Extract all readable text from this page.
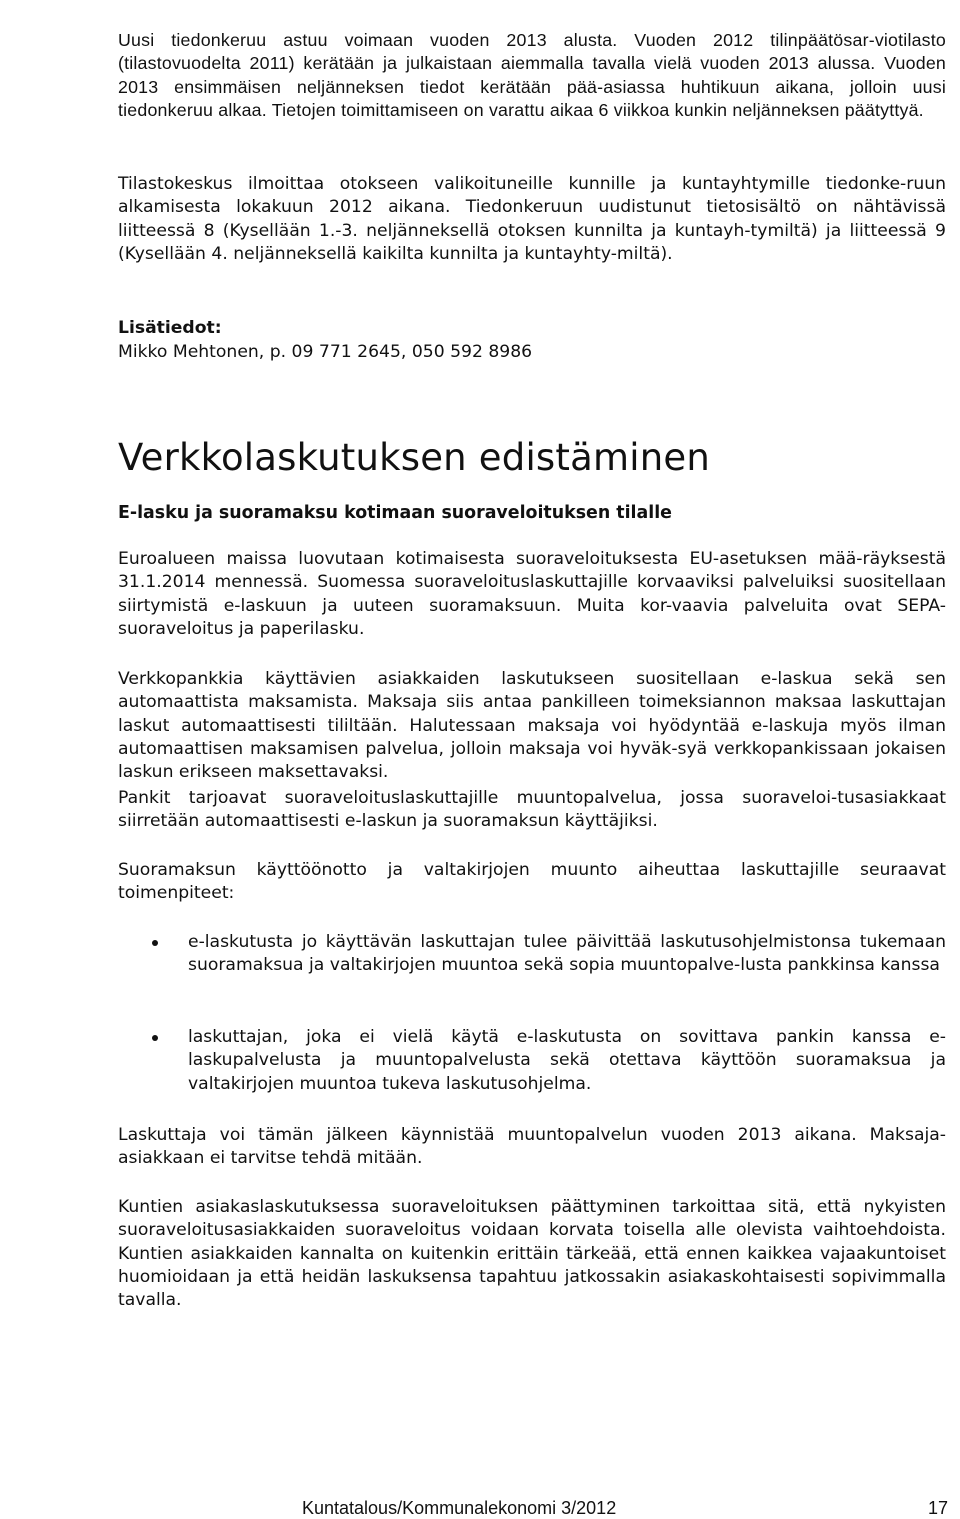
Uusi tiedonkeruu astuu voimaan vuoden 2013 alusta. Vuoden 2012 tilinpäätösar-viotilasto (tilastovuodelta 2011) kerätään ja julkaistaan aiemmalla tavalla vielä vuoden 2013 alussa. Vuoden 2013 ensimmäisen neljänneksen tiedot kerätään pää-asiassa huhtikuun aikana, jolloin uusi tiedonkeruu alkaa. Tietojen toimittamiseen on varattu aikaa 6 viikkoa kunkin neljänneksen päätyttyä.

Tilastokeskus ilmoittaa otokseen valikoituneille kunnille ja kuntayhtymille tiedonke-ruun alkamisesta lokakuun 2012 aikana. Tiedonkeruun uudistunut tietosisältö on nähtävissä liitteessä 8 (Kysellään 1.-3. neljänneksellä otoksen kunnilta ja kuntayh-tymiltä) ja liitteessä 9 (Kysellään 4. neljänneksellä kaikilta kunnilta ja kuntayhty-miltä).

Lisätiedot:

Mikko Mehtonen, p. 09 771 2645, 050 592 8986

Verkkolaskutuksen edistäminen
E-lasku ja suoramaksu kotimaan suoraveloituksen tilalle

Euroalueen maissa luovutaan kotimaisesta suoraveloituksesta EU-asetuksen mää-räyksestä 31.1.2014 mennessä. Suomessa suoraveloituslaskuttajille korvaaviksi palveluiksi suositellaan siirtymistä e-laskuun ja uuteen suoramaksuun. Muita kor-vaavia palveluita ovat SEPA-suoraveloitus ja paperilasku.

Verkkopankkia käyttävien asiakkaiden laskutukseen suositellaan e-laskua sekä sen automaattista maksamista. Maksaja siis antaa pankilleen toimeksiannon maksaa laskuttajan laskut automaattisesti tililtään. Halutessaan maksaja voi hyödyntää e-laskuja myös ilman automaattisen maksamisen palvelua, jolloin maksaja voi hyväk-syä verkkopankissaan jokaisen laskun erikseen maksettavaksi.

Pankit tarjoavat suoraveloituslaskuttajille muuntopalvelua, jossa suoraveloi-tusasiakkaat siirretään automaattisesti e-laskun ja suoramaksun käyttäjiksi.

Suoramaksun käyttöönotto ja valtakirjojen muunto aiheuttaa laskuttajille seuraavat toimenpiteet:

e-laskutusta jo käyttävän laskuttajan tulee päivittää laskutusohjelmistonsa tukemaan suoramaksua ja valtakirjojen muuntoa sekä sopia muuntopalve-lusta pankkinsa kanssa
laskuttajan, joka ei vielä käytä e-laskutusta on sovittava pankin kanssa e-laskupalvelusta ja muuntopalvelusta sekä otettava käyttöön suoramaksua ja valtakirjojen muuntoa tukeva laskutusohjelma.

Laskuttaja voi tämän jälkeen käynnistää muuntopalvelun vuoden 2013 aikana. Maksaja-asiakkaan ei tarvitse tehdä mitään.

Kuntien asiakaslaskutuksessa suoraveloituksen päättyminen tarkoittaa sitä, että nykyisten suoraveloitusasiakkaiden suoraveloitus voidaan korvata toisella alle olevista vaihtoehdoista. Kuntien asiakkaiden kannalta on kuitenkin erittäin tärkeää, että ennen kaikkea vajaakuntoiset huomioidaan ja että heidän laskuksensa tapahtuu jatkossakin asiakaskohtaisesti sopivimmalla tavalla.

Kuntatalous/Kommunalekonomi 3/2012	17
